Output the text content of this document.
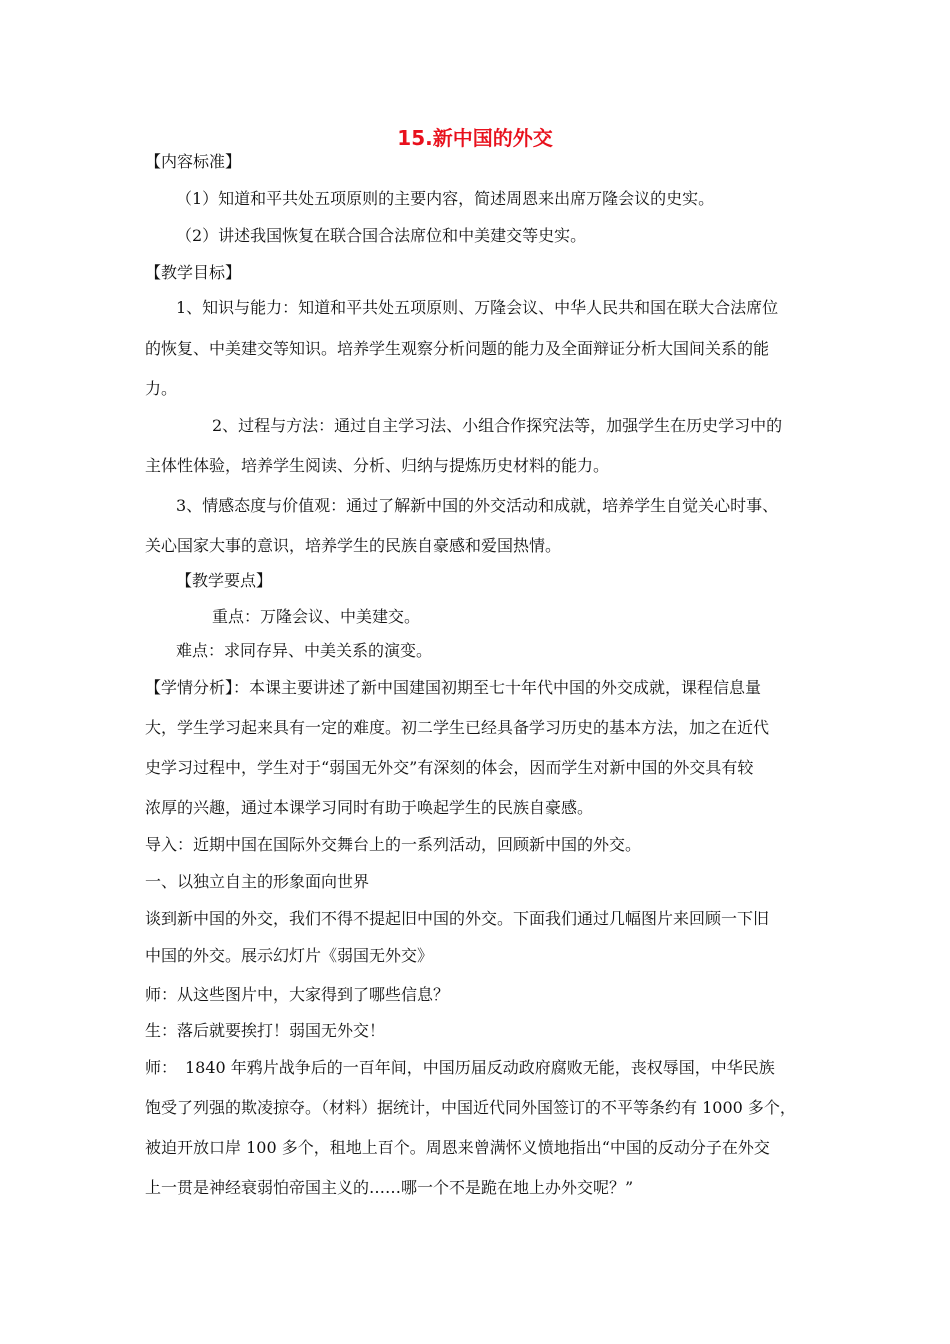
15.新中国的外交
【内容标准】
（1）知道和平共处五项原则的主要内容，简述周恩来出席万隆会议的史实。
（2）讲述我国恢复在联合国合法席位和中美建交等史实。
【教学目标】
1、知识与能力：知道和平共处五项原则、万隆会议、中华人民共和国在联大合法席位
的恢复、中美建交等知识。培养学生观察分析问题的能力及全面辩证分析大国间关系的能
力。
2、过程与方法：通过自主学习法、小组合作探究法等，加强学生在历史学习中的
主体性体验，培养学生阅读、分析、归纳与提炼历史材料的能力。
3、情感态度与价值观：通过了解新中国的外交活动和成就，培养学生自觉关心时事、
关心国家大事的意识，培养学生的民族自豪感和爱国热情。
【教学要点】
重点：万隆会议、中美建交。
难点：求同存异、中美关系的演变。
【学情分析】：本课主要讲述了新中国建国初期至七十年代中国的外交成就，课程信息量
大，学生学习起来具有一定的难度。初二学生已经具备学习历史的基本方法，加之在近代
史学习过程中，学生对于“弱国无外交”有深刻的体会，因而学生对新中国的外交具有较
浓厚的兴趣，通过本课学习同时有助于唤起学生的民族自豪感。
导入：近期中国在国际外交舞台上的一系列活动，回顾新中国的外交。
一、以独立自主的形象面向世界
谈到新中国的外交，我们不得不提起旧中国的外交。下面我们通过几幅图片来回顾一下旧
中国的外交。展示幻灯片《弱国无外交》
师：从这些图片中，大家得到了哪些信息？
生：落后就要挨打！弱国无外交！
师：　1840 年鸦片战争后的一百年间，中国历届反动政府腐败无能，丧权辱国，中华民族
饱受了列强的欺凌掠夺。（材料）据统计，中国近代同外国签订的不平等条约有 1000 多个，
被迫开放口岸 100 多个，租地上百个。周恩来曾满怀义愤地指出“中国的反动分子在外交
上一贯是神经衰弱怕帝国主义的……哪一个不是跪在地上办外交呢？”
